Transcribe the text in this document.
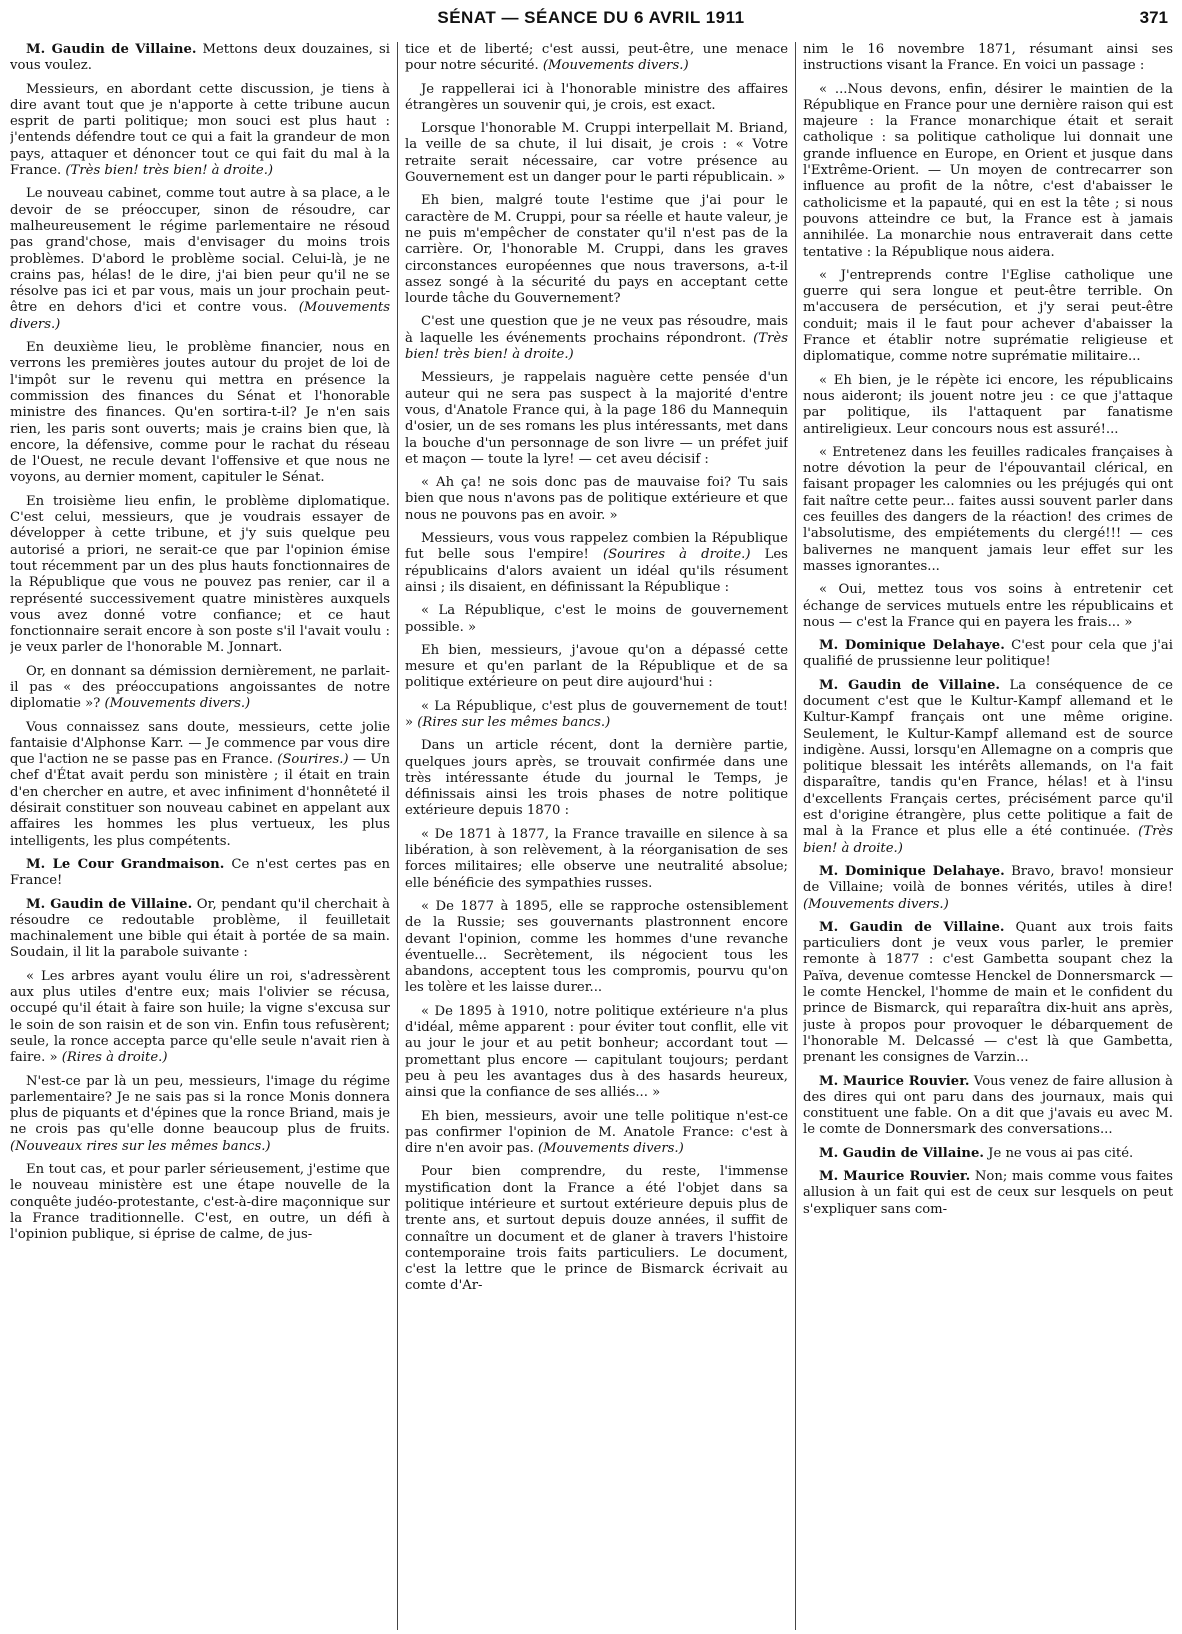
SÉNAT — SÉANCE DU 6 AVRIL 1911	371

M. Gaudin de Villaine. Mettons deux douzaines, si vous voulez.

Messieurs, en abordant cette discussion, je tiens à dire avant tout que je n'apporte à cette tribune aucun esprit de parti politique; mon souci est plus haut : j'entends défendre tout ce qui a fait la grandeur de mon pays, attaquer et dénoncer tout ce qui fait du mal à la France. (Très bien! très bien! à droite.)

Le nouveau cabinet, comme tout autre à sa place, a le devoir de se préoccuper, sinon de résoudre, car malheureusement le régime parlementaire ne résoud pas grand'chose, mais d'envisager du moins trois problèmes. D'abord le problème social. Celui-là, je ne crains pas, hélas! de le dire, j'ai bien peur qu'il ne se résolve pas ici et par vous, mais un jour prochain peut-être en dehors d'ici et contre vous. (Mouvements divers.)

En deuxième lieu, le problème financier, nous en verrons les premières joutes autour du projet de loi de l'impôt sur le revenu qui mettra en présence la commission des finances du Sénat et l'honorable ministre des finances. Qu'en sortira-t-il? Je n'en sais rien, les paris sont ouverts; mais je crains bien que, là encore, la défensive, comme pour le rachat du réseau de l'Ouest, ne recule devant l'offensive et que nous ne voyons, au dernier moment, capituler le Sénat.

En troisième lieu enfin, le problème diplomatique. C'est celui, messieurs, que je voudrais essayer de développer à cette tribune, et j'y suis quelque peu autorisé a priori, ne serait-ce que par l'opinion émise tout récemment par un des plus hauts fonctionnaires de la République que vous ne pouvez pas renier, car il a représenté successivement quatre ministères auxquels vous avez donné votre confiance; et ce haut fonctionnaire serait encore à son poste s'il l'avait voulu : je veux parler de l'honorable M. Jonnart.

Or, en donnant sa démission dernièrement, ne parlait-il pas « des préoccupations angoissantes de notre diplomatie »? (Mouvements divers.)

Vous connaissez sans doute, messieurs, cette jolie fantaisie d'Alphonse Karr. — Je commence par vous dire que l'action ne se passe pas en France. (Sourires.) — Un chef d'État avait perdu son ministère ; il était en train d'en chercher en autre, et avec infiniment d'honnêteté il désirait constituer son nouveau cabinet en appelant aux affaires les hommes les plus vertueux, les plus intelligents, les plus compétents.

M. Le Cour Grandmaison. Ce n'est certes pas en France!

M. Gaudin de Villaine. Or, pendant qu'il cherchait à résoudre ce redoutable problème, il feuilletait machinalement une bible qui était à portée de sa main. Soudain, il lit la parabole suivante :

« Les arbres ayant voulu élire un roi, s'adressèrent aux plus utiles d'entre eux; mais l'olivier se récusa, occupé qu'il était à faire son huile; la vigne s'excusa sur le soin de son raisin et de son vin. Enfin tous refusèrent; seule, la ronce accepta parce qu'elle seule n'avait rien à faire. » (Rires à droite.)

N'est-ce par là un peu, messieurs, l'image du régime parlementaire? Je ne sais pas si la ronce Monis donnera plus de piquants et d'épines que la ronce Briand, mais je ne crois pas qu'elle donne beaucoup plus de fruits. (Nouveaux rires sur les mêmes bancs.)

En tout cas, et pour parler sérieusement, j'estime que le nouveau ministère est une étape nouvelle de la conquête judéo-protestante, c'est-à-dire maçonnique sur la France traditionnelle. C'est, en outre, un défi à l'opinion publique, si éprise de calme, de jus-

tice et de liberté; c'est aussi, peut-être, une menace pour notre sécurité. (Mouvements divers.)

Je rappellerai ici à l'honorable ministre des affaires étrangères un souvenir qui, je crois, est exact.

Lorsque l'honorable M. Cruppi interpellait M. Briand, la veille de sa chute, il lui disait, je crois : « Votre retraite serait nécessaire, car votre présence au Gouvernement est un danger pour le parti républicain. »

Eh bien, malgré toute l'estime que j'ai pour le caractère de M. Cruppi, pour sa réelle et haute valeur, je ne puis m'empêcher de constater qu'il n'est pas de la carrière. Or, l'honorable M. Cruppi, dans les graves circonstances européennes que nous traversons, a-t-il assez songé à la sécurité du pays en acceptant cette lourde tâche du Gouvernement?

C'est une question que je ne veux pas résoudre, mais à laquelle les événements prochains répondront. (Très bien! très bien! à droite.)

Messieurs, je rappelais naguère cette pensée d'un auteur qui ne sera pas suspect à la majorité d'entre vous, d'Anatole France qui, à la page 186 du Mannequin d'osier, un de ses romans les plus intéressants, met dans la bouche d'un personnage de son livre — un préfet juif et maçon — toute la lyre! — cet aveu décisif :

« Ah ça! ne sois donc pas de mauvaise foi? Tu sais bien que nous n'avons pas de politique extérieure et que nous ne pouvons pas en avoir. »

Messieurs, vous vous rappelez combien la République fut belle sous l'empire! (Sourires à droite.) Les républicains d'alors avaient un idéal qu'ils résument ainsi ; ils disaient, en définissant la République :

« La République, c'est le moins de gouvernement possible. »

Eh bien, messieurs, j'avoue qu'on a dépassé cette mesure et qu'en parlant de la République et de sa politique extérieure on peut dire aujourd'hui :

« La République, c'est plus de gouvernement de tout! » (Rires sur les mêmes bancs.)

Dans un article récent, dont la dernière partie, quelques jours après, se trouvait confirmée dans une très intéressante étude du journal le Temps, je définissais ainsi les trois phases de notre politique extérieure depuis 1870 :

« De 1871 à 1877, la France travaille en silence à sa libération, à son relèvement, à la réorganisation de ses forces militaires; elle observe une neutralité absolue; elle bénéficie des sympathies russes.

« De 1877 à 1895, elle se rapproche ostensiblement de la Russie; ses gouvernants plastronnent encore devant l'opinion, comme les hommes d'une revanche éventuelle... Secrètement, ils négocient tous les abandons, acceptent tous les compromis, pourvu qu'on les tolère et les laisse durer...

« De 1895 à 1910, notre politique extérieure n'a plus d'idéal, même apparent : pour éviter tout conflit, elle vit au jour le jour et au petit bonheur; accordant tout — promettant plus encore — capitulant toujours; perdant peu à peu les avantages dus à des hasards heureux, ainsi que la confiance de ses alliés... »

Eh bien, messieurs, avoir une telle politique n'est-ce pas confirmer l'opinion de M. Anatole France: c'est à dire n'en avoir pas. (Mouvements divers.)

Pour bien comprendre, du reste, l'immense mystification dont la France a été l'objet dans sa politique intérieure et surtout extérieure depuis plus de trente ans, et surtout depuis douze années, il suffit de connaître un document et de glaner à travers l'histoire contemporaine trois faits particuliers. Le document, c'est la lettre que le prince de Bismarck écrivait au comte d'Ar-

nim le 16 novembre 1871, résumant ainsi ses instructions visant la France. En voici un passage :

« ...Nous devons, enfin, désirer le maintien de la République en France pour une dernière raison qui est majeure : la France monarchique était et serait catholique : sa politique catholique lui donnait une grande influence en Europe, en Orient et jusque dans l'Extrême-Orient. — Un moyen de contrecarrer son influence au profit de la nôtre, c'est d'abaisser le catholicisme et la papauté, qui en est la tête ; si nous pouvons atteindre ce but, la France est à jamais annihilée. La monarchie nous entraverait dans cette tentative : la République nous aidera.

« J'entreprends contre l'Eglise catholique une guerre qui sera longue et peut-être terrible. On m'accusera de persécution, et j'y serai peut-être conduit; mais il le faut pour achever d'abaisser la France et établir notre suprématie religieuse et diplomatique, comme notre suprématie militaire...

« Eh bien, je le répète ici encore, les républicains nous aideront; ils jouent notre jeu : ce que j'attaque par politique, ils l'attaquent par fanatisme antireligieux. Leur concours nous est assuré!...

« Entretenez dans les feuilles radicales françaises à notre dévotion la peur de l'épouvantail clérical, en faisant propager les calomnies ou les préjugés qui ont fait naître cette peur... faites aussi souvent parler dans ces feuilles des dangers de la réaction! des crimes de l'absolutisme, des empiétements du clergé!!! — ces balivernes ne manquent jamais leur effet sur les masses ignorantes...

« Oui, mettez tous vos soins à entretenir cet échange de services mutuels entre les républicains et nous — c'est la France qui en payera les frais... »

M. Dominique Delahaye. C'est pour cela que j'ai qualifié de prussienne leur politique!

M. Gaudin de Villaine. La conséquence de ce document c'est que le Kultur-Kampf allemand et le Kultur-Kampf français ont une même origine. Seulement, le Kultur-Kampf allemand est de source indigène. Aussi, lorsqu'en Allemagne on a compris que politique blessait les intérêts allemands, on l'a fait disparaître, tandis qu'en France, hélas! et à l'insu d'excellents Français certes, précisément parce qu'il est d'origine étrangère, plus cette politique a fait de mal à la France et plus elle a été continuée. (Très bien! à droite.)

M. Dominique Delahaye. Bravo, bravo! monsieur de Villaine; voilà de bonnes vérités, utiles à dire! (Mouvements divers.)

M. Gaudin de Villaine. Quant aux trois faits particuliers dont je veux vous parler, le premier remonte à 1877 : c'est Gambetta soupant chez la Païva, devenue comtesse Henckel de Donnersmarck — le comte Henckel, l'homme de main et le confident du prince de Bismarck, qui reparaîtra dix-huit ans après, juste à propos pour provoquer le débarquement de l'honorable M. Delcassé — c'est là que Gambetta, prenant les consignes de Varzin...

M. Maurice Rouvier. Vous venez de faire allusion à des dires qui ont paru dans des journaux, mais qui constituent une fable. On a dit que j'avais eu avec M. le comte de Donnersmark des conversations...

M. Gaudin de Villaine. Je ne vous ai pas cité.

M. Maurice Rouvier. Non; mais comme vous faites allusion à un fait qui est de ceux sur lesquels on peut s'expliquer sans com-
